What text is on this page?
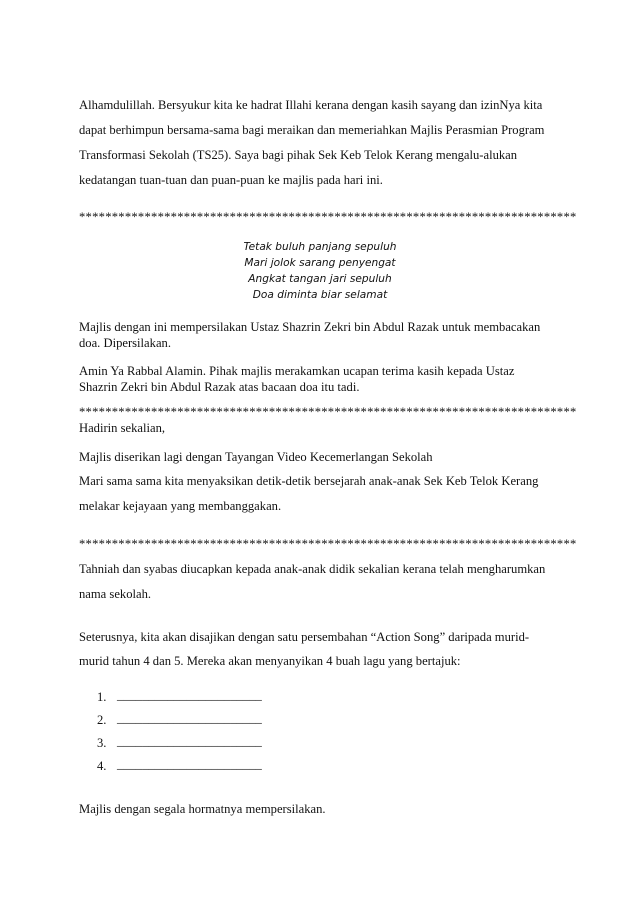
Alhamdulillah. Bersyukur kita ke hadrat Illahi kerana dengan kasih sayang dan izinNya kita
dapat berhimpun bersama-sama bagi meraikan dan memeriahkan Majlis Perasmian Program
Transformasi Sekolah (TS25). Saya bagi pihak Sek Keb Telok Kerang mengalu-alukan
kedatangan tuan-tuan dan puan-puan ke majlis pada hari ini.
****************************************************************************
Tetak buluh panjang sepuluh
Mari jolok sarang penyengat
Angkat tangan jari sepuluh
Doa diminta biar selamat
Majlis dengan ini mempersilakan Ustaz Shazrin Zekri bin Abdul Razak untuk membacakan
doa. Dipersilakan.
Amin Ya Rabbal Alamin. Pihak majlis merakamkan ucapan terima kasih kepada Ustaz
Shazrin Zekri bin Abdul Razak atas bacaan doa itu tadi.
****************************************************************************
Hadirin sekalian,
Majlis diserikan lagi dengan Tayangan Video Kecemerlangan Sekolah
Mari sama sama kita menyaksikan detik-detik bersejarah anak-anak Sek Keb Telok Kerang
melakar kejayaan yang membanggakan.
****************************************************************************
Tahniah dan syabas diucapkan kepada anak-anak didik sekalian kerana telah mengharumkan
nama sekolah.
Seterusnya, kita akan disajikan dengan satu persembahan “Action Song” daripada murid-
murid tahun 4 dan 5. Mereka akan menyanyikan 4 buah lagu yang bertajuk:
1. _______________________
2. _______________________
3. _______________________
4. _______________________
Majlis dengan segala hormatnya mempersilakan.
